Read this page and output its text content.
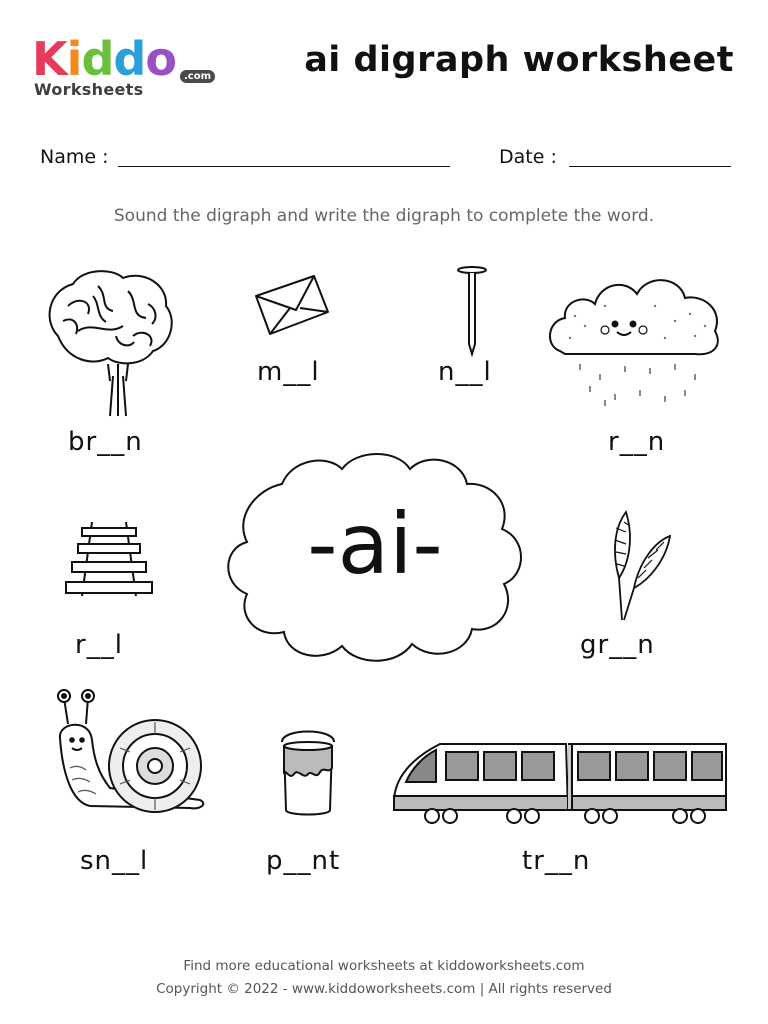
Kiddo
Worksheets
.com	ai digraph worksheet
Name :	Date :
Sound the digraph and write the digraph to complete the word.
br__n
m__l	n__l
r__n
-ai-
r__l	gr__n
sn__l	p__nt	tr__n
Find more educational worksheets at kiddoworksheets.com
Copyright © 2022 - www.kiddoworksheets.com | All rights reserved
